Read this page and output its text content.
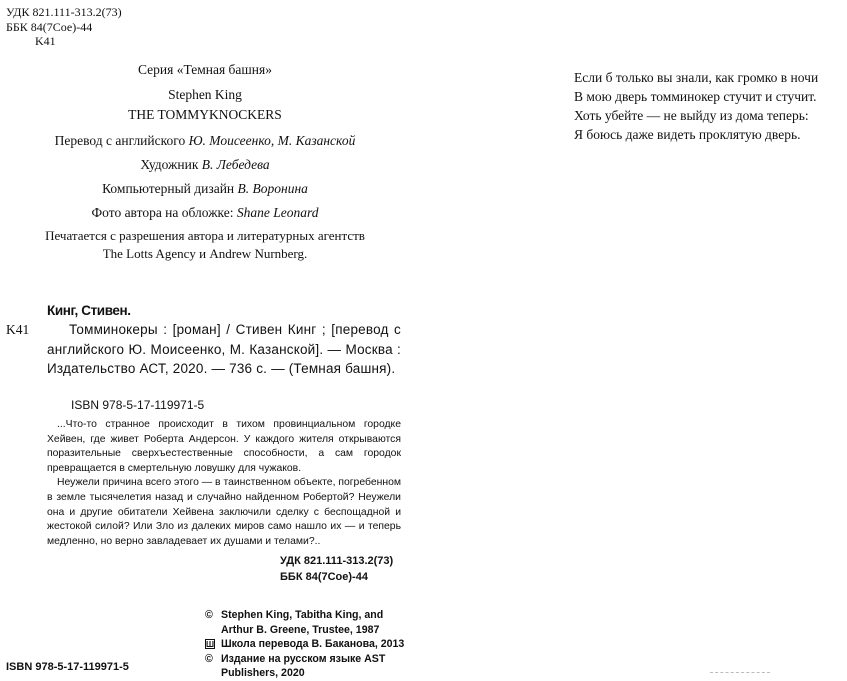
УДК 821.111-313.2(73)
ББК 84(7Сое)-44
K41
Серия «Темная башня»
Stephen King
THE TOMMYKNOCKERS
Перевод с английского Ю. Моисеенко, М. Казанской
Художник В. Лебедева
Компьютерный дизайн В. Воронина
Фото автора на обложке: Shane Leonard
Печатается с разрешения автора и литературных агентств
The Lotts Agency и Andrew Nurnberg.
Если б только вы знали, как громко в ночи
В мою дверь томминокер стучит и стучит.
Хоть убейте — не выйду из дома теперь:
Я боюсь даже видеть проклятую дверь.
Кинг, Стивен.
K41	Томминокеры : [роман] / Стивен Кинг ; [перевод с английского Ю. Моисеенко, М. Казанской]. — Москва : Издательство АСТ, 2020. — 736 с. — (Темная башня).
ISBN 978-5-17-119971-5

...Что-то странное происходит в тихом провинциальном городке Хейвен, где живет Роберта Андерсон. У каждого жителя открываются поразительные сверхъестественные способности, а сам городок превращается в смертельную ловушку для чужаков.

Неужели причина всего этого — в таинственном объекте, погребенном в земле тысячелетия назад и случайно найденном Робертой? Неужели она и другие обитатели Хейвена заключили сделку с беспощадной и жестокой силой? Или Зло из далеких миров само нашло их — и теперь медленно, но верно завладевает их душами и телами?..

УДК 821.111-313.2(73)
ББК 84(7Сое)-44
© Stephen King, Tabitha King, and
Arthur B. Greene, Trustee, 1987
Ш Школа перевода В. Баканова, 2013
© Издание на русском языке AST
Publishers, 2020
ISBN 978-5-17-119971-5
